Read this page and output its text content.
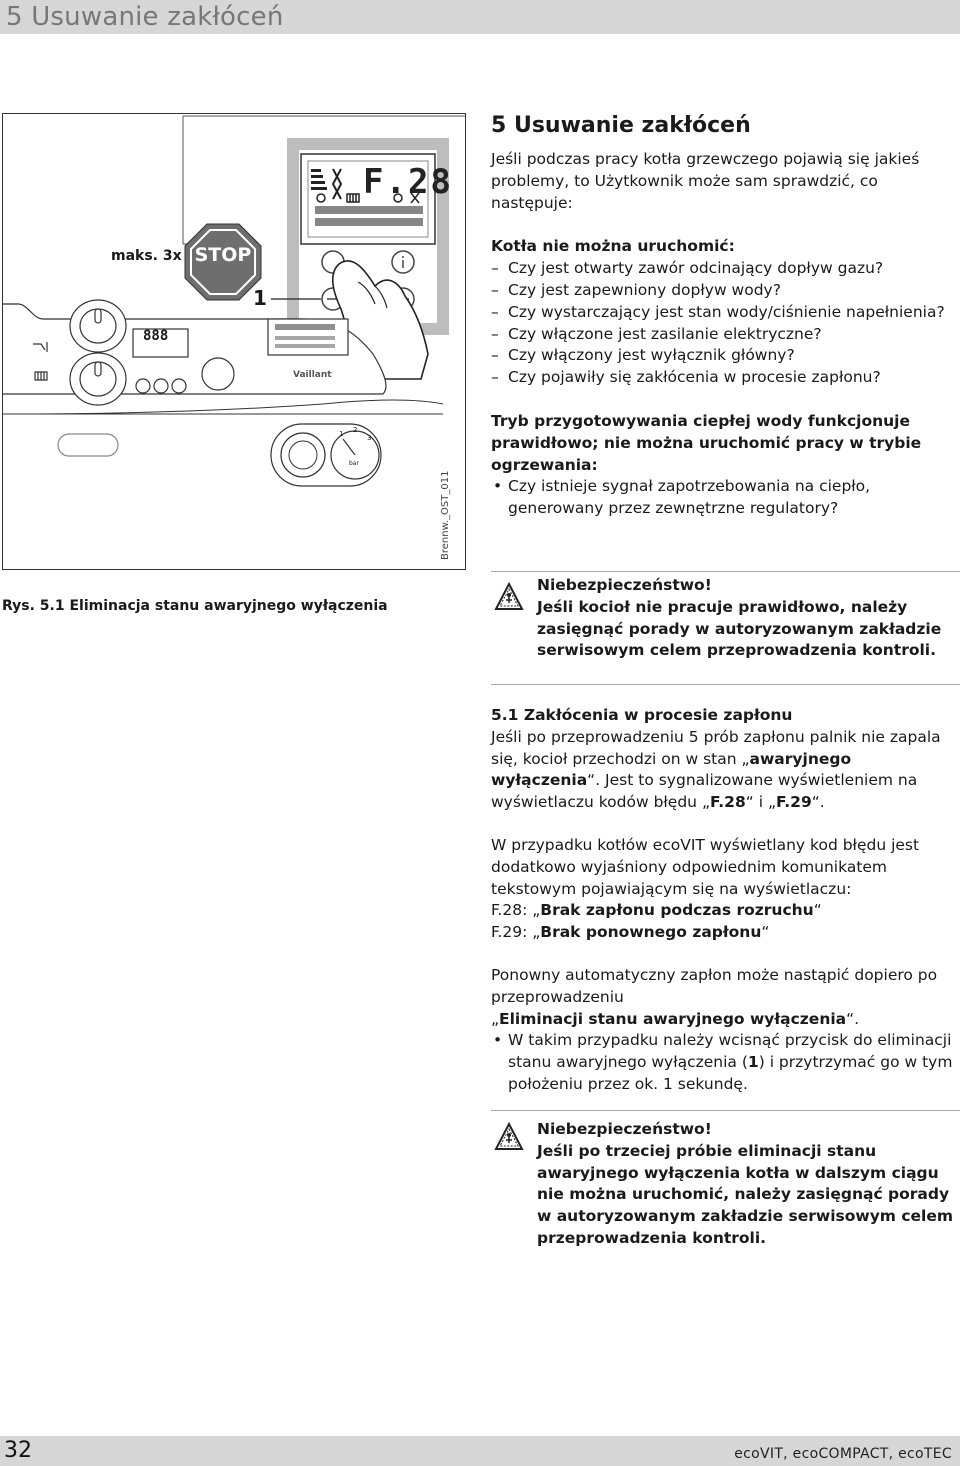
5 Usuwanie zakłóceń
F.28
maks. 3x STOP
1
Vaillant
888
1 2
3
bar
Brennw._OST_011
Rys. 5.1 Eliminacja stanu awaryjnego wyłączenia
5 Usuwanie zakłóceń

Jeśli podczas pracy kotła grzewczego pojawią się jakieś problemy, to Użytkownik może sam sprawdzić, co następuje:

Kotła nie można uruchomić:

– Czy jest otwarty zawór odcinający dopływ gazu?
– Czy jest zapewniony dopływ wody?
– Czy wystarczający jest stan wody/ciśnienie napełnienia?
– Czy włączone jest zasilanie elektryczne?
– Czy włączony jest wyłącznik główny?
– Czy pojawiły się zakłócenia w procesie zapłonu?

Tryb przygotowywania ciepłej wody funkcjonuje prawidłowo; nie można uruchomić pracy w trybie ogrzewania:

• Czy istnieje sygnał zapotrzebowania na ciepło, generowany przez zewnętrzne regulatory?
Niebezpieczeństwo!
Jeśli kocioł nie pracuje prawidłowo, należy zasięgnąć porady w autoryzowanym zakładzie serwisowym celem przeprowadzenia kontroli.

5.1 Zakłócenia w procesie zapłonu

Jeśli po przeprowadzeniu 5 prób zapłonu palnik nie zapala się, kocioł przechodzi on w stan „awaryjnego wyłączenia“. Jest to sygnalizowane wyświetleniem na wyświetlaczu kodów błędu „F.28“ i „F.29“.

W przypadku kotłów ecoVIT wyświetlany kod błędu jest dodatkowo wyjaśniony odpowiednim komunikatem tekstowym pojawiającym się na wyświetlaczu:

F.28: „Brak zapłonu podczas rozruchu“

F.29: „Brak ponownego zapłonu“

Ponowny automatyczny zapłon może nastąpić dopiero po przeprowadzeniu

„Eliminacji stanu awaryjnego wyłączenia“.

• W takim przypadku należy wcisnąć przycisk do eliminacji stanu awaryjnego wyłączenia (1) i przytrzymać go w tym położeniu przez ok. 1 sekundę.
Niebezpieczeństwo!
Jeśli po trzeciej próbie eliminacji stanu awaryjnego wyłączenia kotła w dalszym ciągu nie można uruchomić, należy zasięgnąć porady w autoryzowanym zakładzie serwisowym celem przeprowadzenia kontroli.
32	ecoVIT, ecoCOMPACT, ecoTEC
